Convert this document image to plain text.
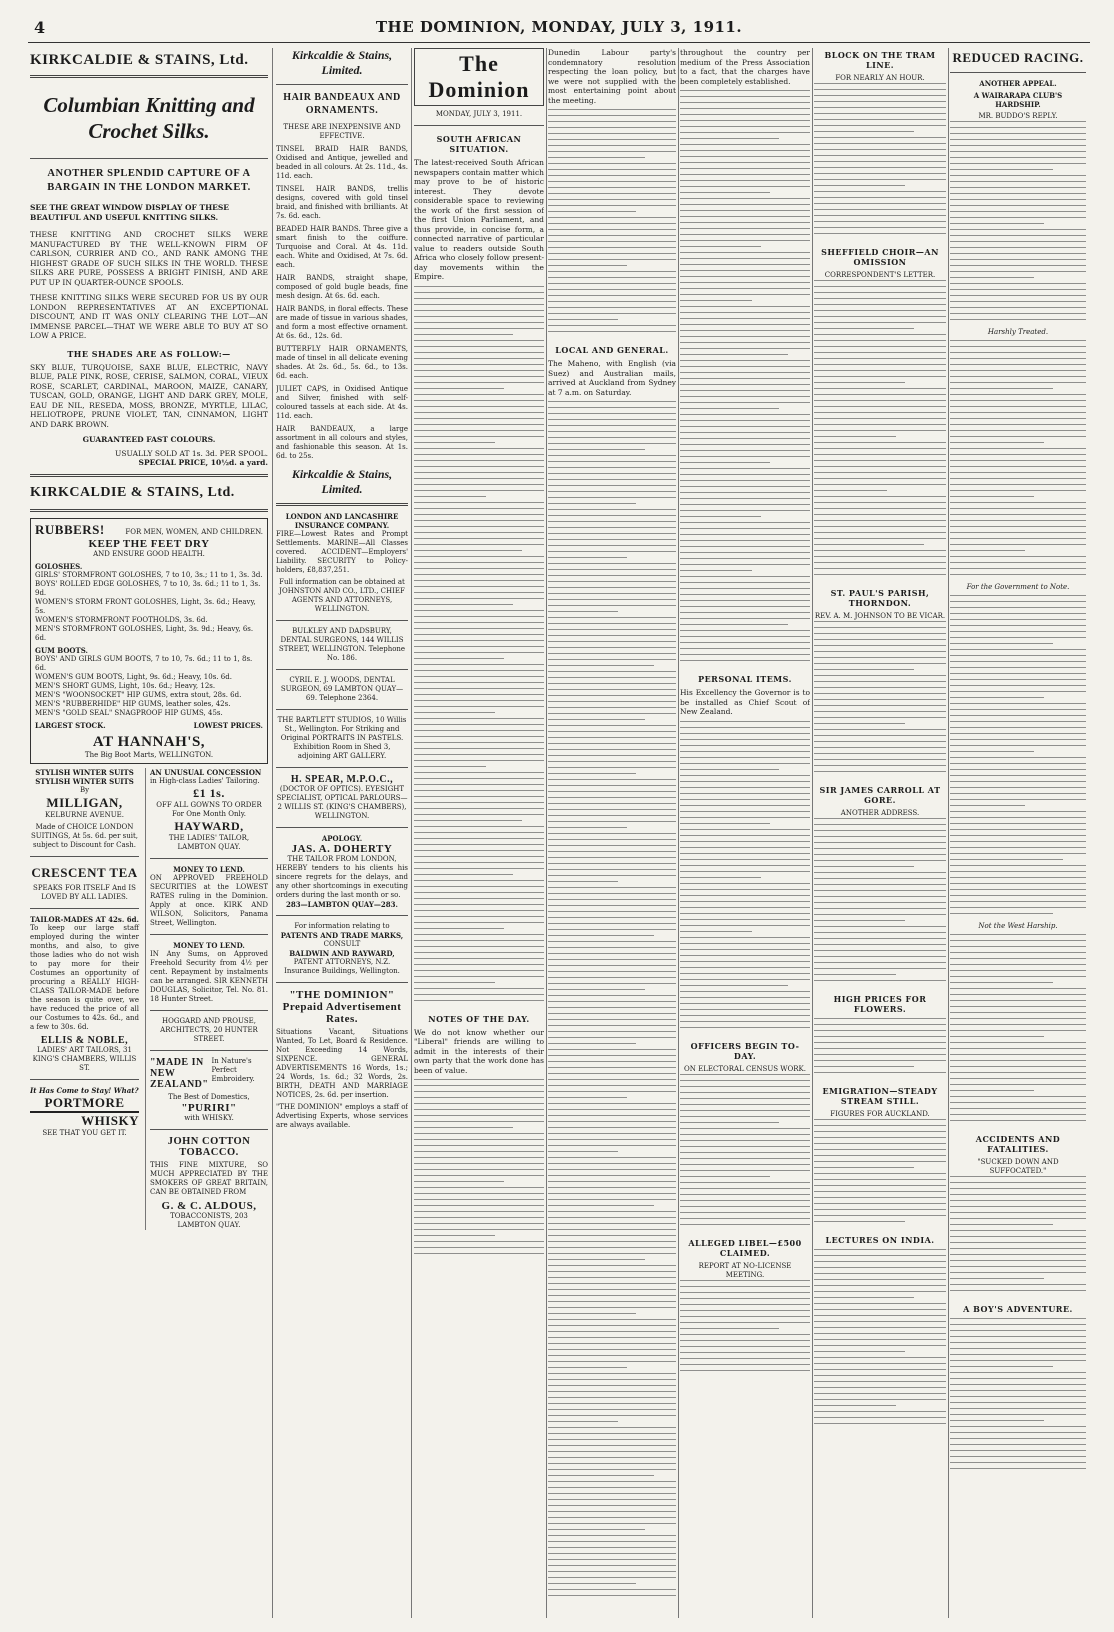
4	THE DOMINION, MONDAY, JULY 3, 1911.
KIRKCALDIE & STAINS, Ltd.
Columbian Knitting and Crochet Silks.
ANOTHER SPLENDID CAPTURE OF A BARGAIN IN THE LONDON MARKET.
SEE THE GREAT WINDOW DISPLAY OF THESE BEAUTIFUL AND USEFUL KNITTING SILKS.
THESE KNITTING AND CROCHET SILKS WERE MANUFACTURED BY THE WELL-KNOWN FIRM OF CARLSON, CURRIER AND CO., AND RANK AMONG THE HIGHEST GRADE OF SUCH SILKS IN THE WORLD. THESE SILKS ARE PURE, POSSESS A BRIGHT FINISH, AND ARE PUT UP IN QUARTER-OUNCE SPOOLS.
THESE KNITTING SILKS WERE SECURED FOR US BY OUR LONDON REPRESENTATIVES AT AN EXCEPTIONAL DISCOUNT, AND IT WAS ONLY CLEARING THE LOT—AN IMMENSE PARCEL—THAT WE WERE ABLE TO BUY AT SO LOW A PRICE.
THE SHADES ARE AS FOLLOW:—
SKY BLUE, TURQUOISE, SAXE BLUE, ELECTRIC, NAVY BLUE, PALE PINK, ROSE, CERISE, SALMON, CORAL, VIEUX ROSE, SCARLET, CARDINAL, MAROON, MAIZE, CANARY, TUSCAN, GOLD, ORANGE, LIGHT AND DARK GREY, MOLE, EAU DE NIL, RESEDA, MOSS, BRONZE, MYRTLE, LILAC, HELIOTROPE, PRUNE VIOLET, TAN, CINNAMON, LIGHT AND DARK BROWN.
GUARANTEED FAST COLOURS.
USUALLY SOLD AT 1s. 3d. PER SPOOL.
SPECIAL PRICE, 10½d. a yard.
KIRKCALDIE & STAINS, Ltd.
RUBBERS!	FOR MEN, WOMEN, AND CHILDREN.
KEEP THE FEET DRY
AND ENSURE GOOD HEALTH.
GOLOSHES.
GIRLS' STORMFRONT GOLOSHES, 7 to 10, 3s.; 11 to 1, 3s. 3d.
BOYS' ROLLED EDGE GOLOSHES, 7 to 10, 3s. 6d.; 11 to 1, 3s. 9d.
WOMEN'S STORM FRONT GOLOSHES, Light, 3s. 6d.; Heavy, 5s.
WOMEN'S STORMFRONT FOOTHOLDS, 3s. 6d.
MEN'S STORMFRONT GOLOSHES, Light, 3s. 9d.; Heavy, 6s. 6d.
GUM BOOTS.
BOYS' AND GIRLS GUM BOOTS, 7 to 10, 7s. 6d.; 11 to 1, 8s. 6d.
WOMEN'S GUM BOOTS, Light, 9s. 6d.; Heavy, 10s. 6d.
MEN'S SHORT GUMS, Light, 10s. 6d.; Heavy, 12s.
MEN'S "WOONSOCKET" HIP GUMS, extra stout, 28s. 6d.
MEN'S "RUBBERHIDE" HIP GUMS, leather soles, 42s.
MEN'S "GOLD SEAL" SNAGPROOF HIP GUMS, 45s.
LARGEST STOCK.	LOWEST PRICES.
AT HANNAH'S,
The Big Boot Marts, WELLINGTON.
STYLISH WINTER SUITS STYLISH WINTER SUITS
By
MILLIGAN,
KELBURNE AVENUE.
Made of CHOICE LONDON SUITINGS, At 5s. 6d. per suit, subject to Discount for Cash.
CRESCENT TEA
SPEAKS FOR ITSELF And IS LOVED BY ALL LADIES.
TAILOR-MADES AT 42s. 6d.
To keep our large staff employed during the winter months, and also, to give those ladies who do not wish to pay more for their Costumes an opportunity of procuring a REALLY HIGH-CLASS TAILOR-MADE before the season is quite over, we have reduced the price of all our Costumes to 42s. 6d., and a few to 30s. 6d.
ELLIS & NOBLE,
LADIES' ART TAILORS, 31 KING'S CHAMBERS, WILLIS ST.
It Has Come to Stay! What?
PORTMORE
WHISKY
SEE THAT YOU GET IT.
AN UNUSUAL CONCESSION
in High-class Ladies' Tailoring.
£1 1s.
OFF ALL GOWNS TO ORDER For One Month Only.
HAYWARD,
THE LADIES' TAILOR, LAMBTON QUAY.
MONEY TO LEND.
ON APPROVED FREEHOLD SECURITIES at the LOWEST RATES ruling in the Dominion. Apply at once. KIRK AND WILSON, Solicitors, Panama Street, Wellington.
MONEY TO LEND.
IN Any Sums, on Approved Freehold Security from 4½ per cent. Repayment by instalments can be arranged. SIR KENNETH DOUGLAS, Solicitor, Tel. No. 81. 18 Hunter Street.
HOGGARD AND PROUSE, ARCHITECTS, 20 HUNTER STREET.
"MADE IN NEW ZEALAND"
In Nature's Perfect Embroidery.
The Best of Domestics,
"PURIRI"
with WHISKY.
JOHN COTTON TOBACCO.
THIS FINE MIXTURE, SO MUCH APPRECIATED BY THE SMOKERS OF GREAT BRITAIN, CAN BE OBTAINED FROM
G. & C. ALDOUS,
TOBACCONISTS, 203 LAMBTON QUAY.
Kirkcaldie & Stains, Limited.
HAIR BANDEAUX AND ORNAMENTS.
THESE ARE INEXPENSIVE AND EFFECTIVE.
TINSEL BRAID HAIR BANDS, Oxidised and Antique, jewelled and beaded in all colours. At 2s. 11d., 4s. 11d. each.
TINSEL HAIR BANDS, trellis designs, covered with gold tinsel braid, and finished with brilliants. At 7s. 6d. each.
BEADED HAIR BANDS. Three give a smart finish to the coiffure. Turquoise and Coral. At 4s. 11d. each. White and Oxidised, At 7s. 6d. each.
HAIR BANDS, straight shape, composed of gold bugle beads, fine mesh design. At 6s. 6d. each.
HAIR BANDS, in floral effects. These are made of tissue in various shades, and form a most effective ornament. At 6s. 6d., 12s. 6d.
BUTTERFLY HAIR ORNAMENTS, made of tinsel in all delicate evening shades. At 2s. 6d., 5s. 6d., to 13s. 6d. each.
JULIET CAPS, in Oxidised Antique and Silver, finished with self-coloured tassels at each side. At 4s. 11d. each.
HAIR BANDEAUX, a large assortment in all colours and styles, and fashionable this season. At 1s. 6d. to 25s.
Kirkcaldie & Stains, Limited.
LONDON AND LANCASHIRE INSURANCE COMPANY.
FIRE—Lowest Rates and Prompt Settlements. MARINE—All Classes covered. ACCIDENT—Employers' Liability. SECURITY to Policy-holders, £8,837,251.
Full information can be obtained at JOHNSTON AND CO., LTD., CHIEF AGENTS AND ATTORNEYS, WELLINGTON.
BULKLEY AND DADSBURY, DENTAL SURGEONS, 144 WILLIS STREET, WELLINGTON. Telephone No. 186.
CYRIL E. J. WOODS, DENTAL SURGEON, 69 LAMBTON QUAY—69. Telephone 2364.
THE BARTLETT STUDIOS, 10 Willis St., Wellington. For Striking and Original PORTRAITS IN PASTELS. Exhibition Room in Shed 3, adjoining ART GALLERY.
H. SPEAR, M.P.O.C.,
(DOCTOR OF OPTICS). EYESIGHT SPECIALIST, OPTICAL PARLOURS— 2 WILLIS ST. (KING'S CHAMBERS), WELLINGTON.
APOLOGY.
JAS. A. DOHERTY
THE TAILOR FROM LONDON,
HEREBY tenders to his clients his sincere regrets for the delays, and any other shortcomings in executing orders during the last month or so.
283—LAMBTON QUAY—283.
For information relating to
PATENTS AND TRADE MARKS,
CONSULT
BALDWIN AND RAYWARD,
PATENT ATTORNEYS, N.Z. Insurance Buildings, Wellington.
"THE DOMINION"
Prepaid Advertisement Rates.
Situations Vacant, Situations Wanted, To Let, Board & Residence. Not Exceeding 14 Words, SIXPENCE. GENERAL ADVERTISEMENTS 16 Words, 1s.; 24 Words, 1s. 6d.; 32 Words, 2s. BIRTH, DEATH AND MARRIAGE NOTICES, 2s. 6d. per insertion.
"THE DOMINION" employs a staff of Advertising Experts, whose services are always available.
The Dominion
MONDAY, JULY 3, 1911.
SOUTH AFRICAN SITUATION.
The latest-received South African newspapers contain matter which may prove to be of historic interest. They devote considerable space to reviewing the work of the first session of the first Union Parliament, and thus provide, in concise form, a connected narrative of particular value to readers outside South Africa who closely follow present-day movements within the Empire.
NOTES OF THE DAY.
We do not know whether our "Liberal" friends are willing to admit in the interests of their own party that the work done has been of value.
Dunedin Labour party's condemnatory resolution respecting the loan policy, but we were not supplied with the most entertaining point about the meeting.
LOCAL AND GENERAL.
The Maheno, with English (via Suez) and Australian mails, arrived at Auckland from Sydney at 7 a.m. on Saturday.
throughout the country per medium of the Press Association to a fact, that the charges have been completely established.
PERSONAL ITEMS.
His Excellency the Governor is to be installed as Chief Scout of New Zealand.
OFFICERS BEGIN TO-DAY.
ON ELECTORAL CENSUS WORK.
ALLEGED LIBEL—£500 CLAIMED.
REPORT AT NO-LICENSE MEETING.
BLOCK ON THE TRAM LINE.
FOR NEARLY AN HOUR.
SHEFFIELD CHOIR—AN OMISSION
CORRESPONDENT'S LETTER.
ST. PAUL'S PARISH, THORNDON.
REV. A. M. JOHNSON TO BE VICAR.
SIR JAMES CARROLL AT GORE.
ANOTHER ADDRESS.
HIGH PRICES FOR FLOWERS.
EMIGRATION—STEADY STREAM STILL.
FIGURES FOR AUCKLAND.
LECTURES ON INDIA.
REDUCED RACING.
ANOTHER APPEAL.
A WAIRARAPA CLUB'S HARDSHIP.
MR. BUDDO'S REPLY.
Harshly Treated.
For the Government to Note.
Not the West Harship.
ACCIDENTS AND FATALITIES.
"SUCKED DOWN AND SUFFOCATED."
A BOY'S ADVENTURE.
